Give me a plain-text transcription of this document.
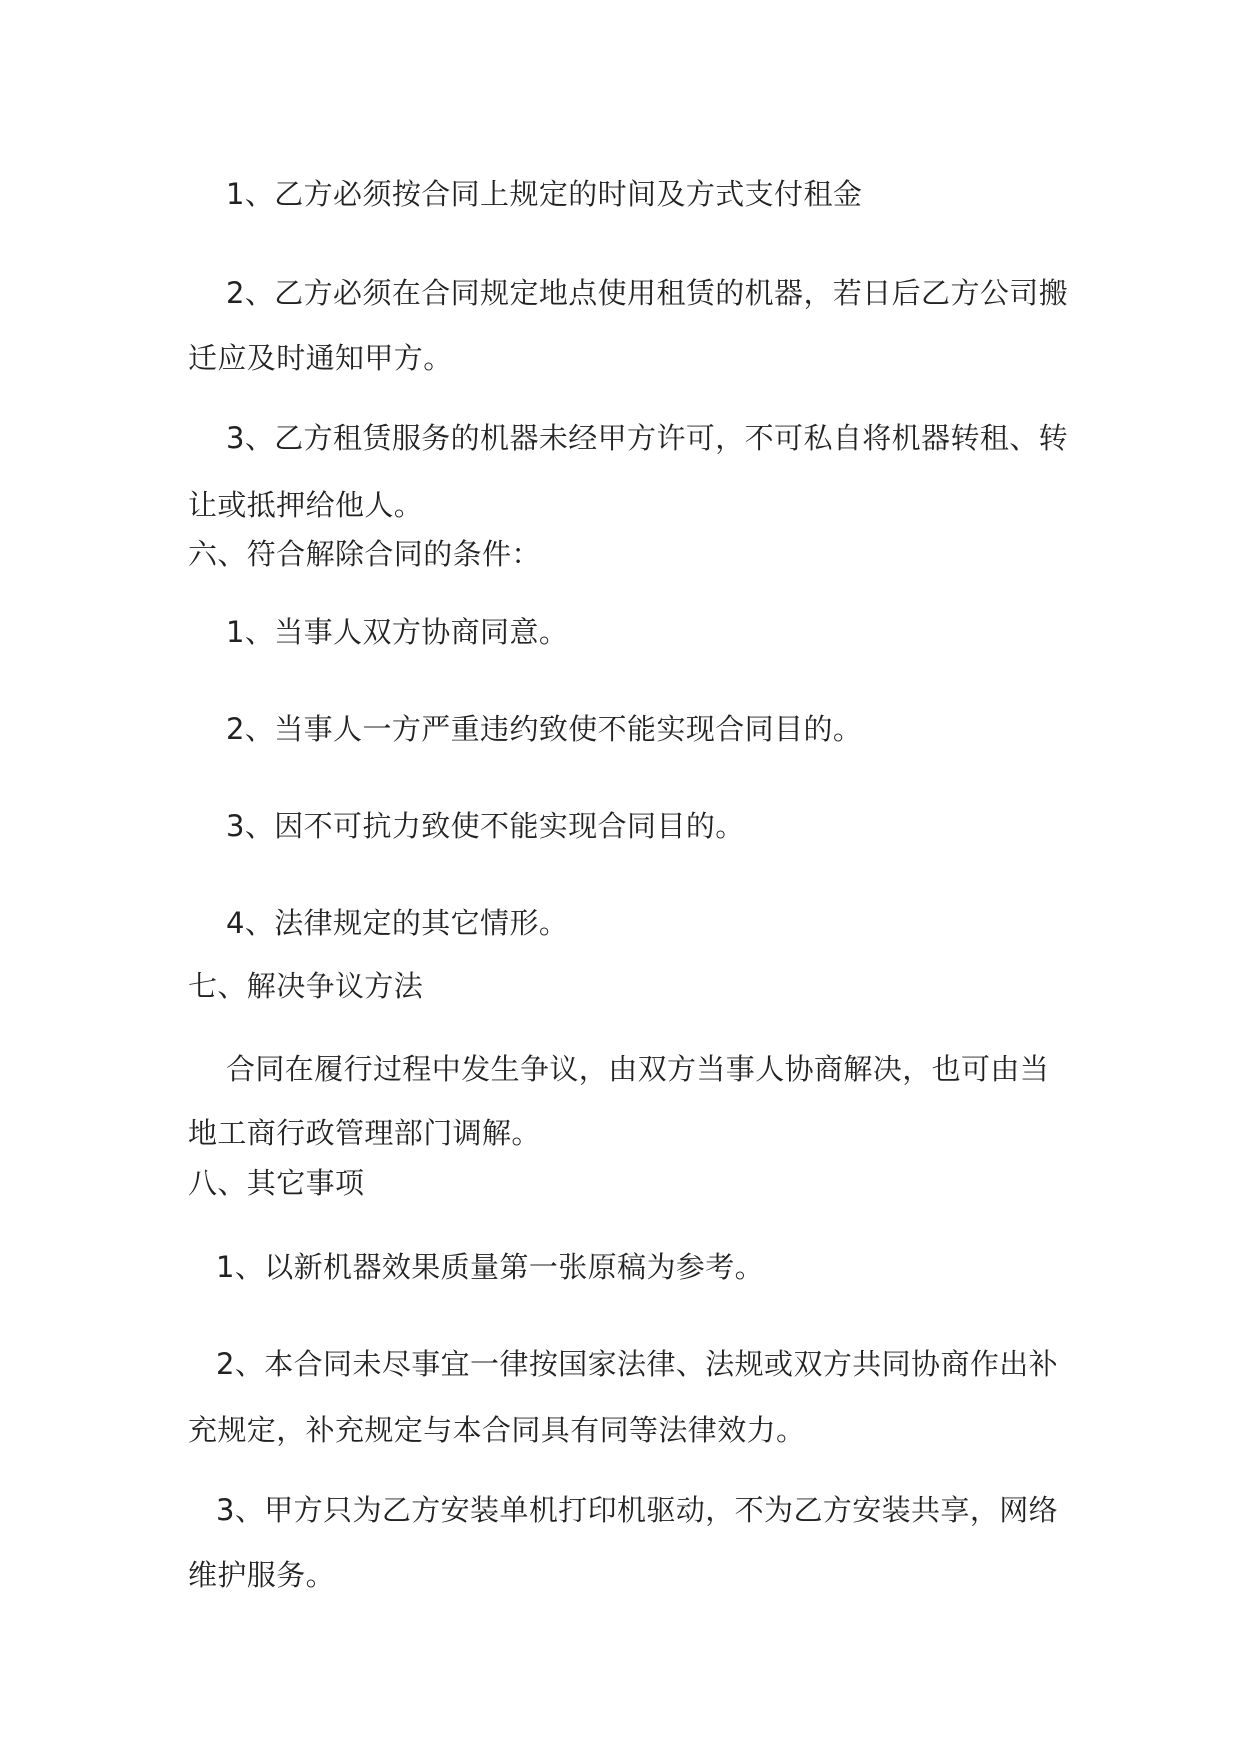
1、乙方必须按合同上规定的时间及方式支付租金
2、乙方必须在合同规定地点使用租赁的机器，若日后乙方公司搬
迁应及时通知甲方。
3、乙方租赁服务的机器未经甲方许可，不可私自将机器转租、转
让或抵押给他人。
六、符合解除合同的条件：
1、当事人双方协商同意。
2、当事人一方严重违约致使不能实现合同目的。
3、因不可抗力致使不能实现合同目的。
4、法律规定的其它情形。
七、解决争议方法
合同在履行过程中发生争议，由双方当事人协商解决，也可由当
地工商行政管理部门调解。
八、其它事项
1、以新机器效果质量第一张原稿为参考。
2、本合同未尽事宜一律按国家法律、法规或双方共同协商作出补
充规定，补充规定与本合同具有同等法律效力。
3、甲方只为乙方安装单机打印机驱动，不为乙方安装共享，网络
维护服务。
